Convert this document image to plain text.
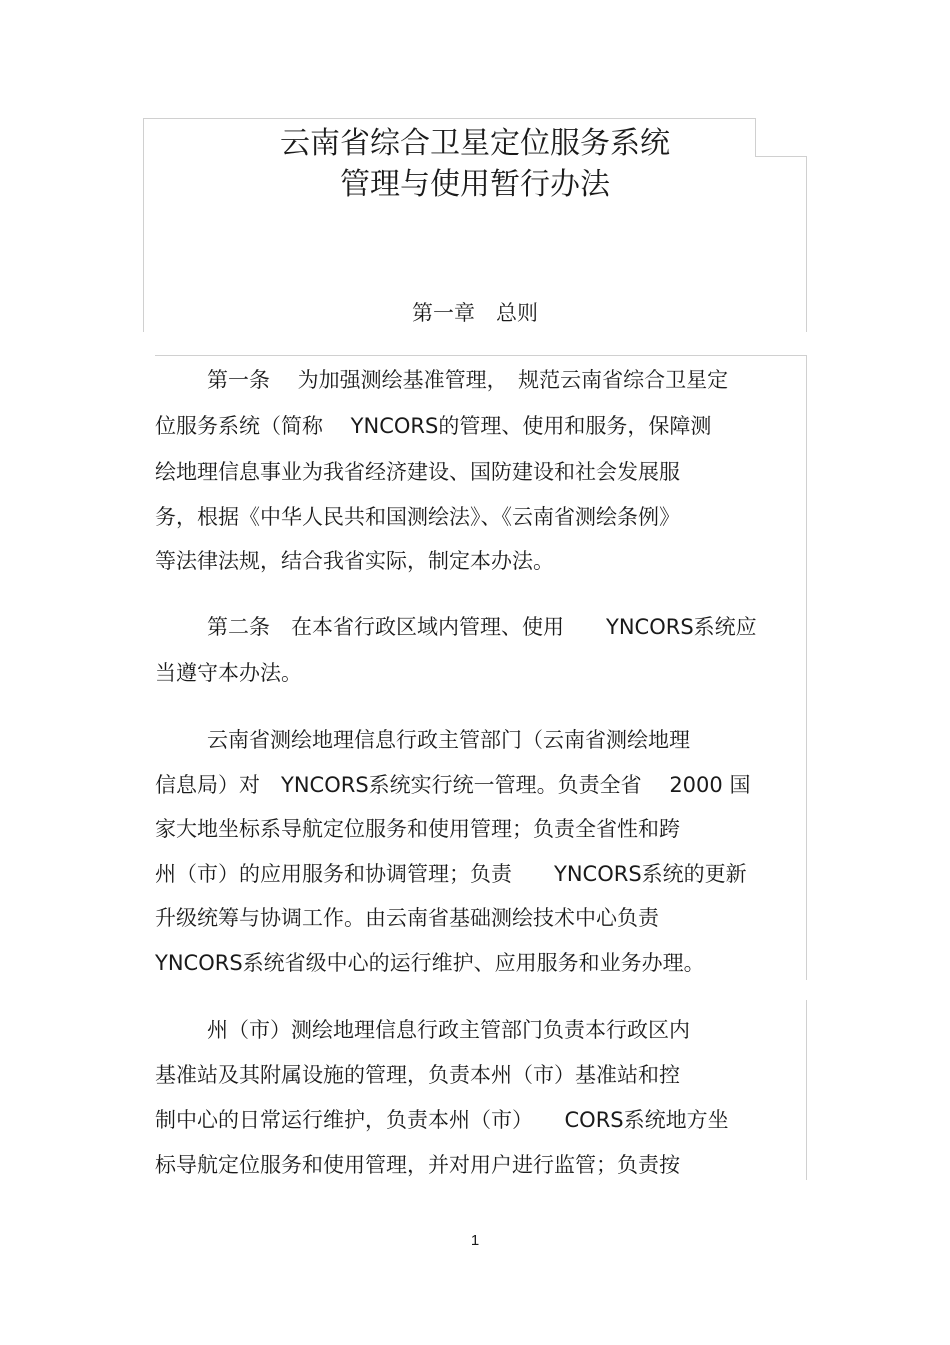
云南省综合卫星定位服务系统
管理与使用暂行办法
第一章　总则
第一条　 为加强测绘基准管理，　规范云南省综合卫星定
位服务系统（简称　 YNCORS的管理、使用和服务，保障测
绘地理信息事业为我省经济建设、国防建设和社会发展服
务，根据《中华人民共和国测绘法》、《云南省测绘条例》
等法律法规，结合我省实际，制定本办法。
第二条　在本省行政区域内管理、使用　　YNCORS系统应
当遵守本办法。
云南省测绘地理信息行政主管部门（云南省测绘地理
信息局）对　YNCORS系统实行统一管理。负责全省　 2000 国
家大地坐标系导航定位服务和使用管理；负责全省性和跨
州（市）的应用服务和协调管理；负责　　YNCORS系统的更新
升级统筹与协调工作。由云南省基础测绘技术中心负责
YNCORS系统省级中心的运行维护、应用服务和业务办理。
州（市）测绘地理信息行政主管部门负责本行政区内
基准站及其附属设施的管理，负责本州（市）基准站和控
制中心的日常运行维护，负责本州（市）　　CORS系统地方坐
标导航定位服务和使用管理，并对用户进行监管；负责按
1
